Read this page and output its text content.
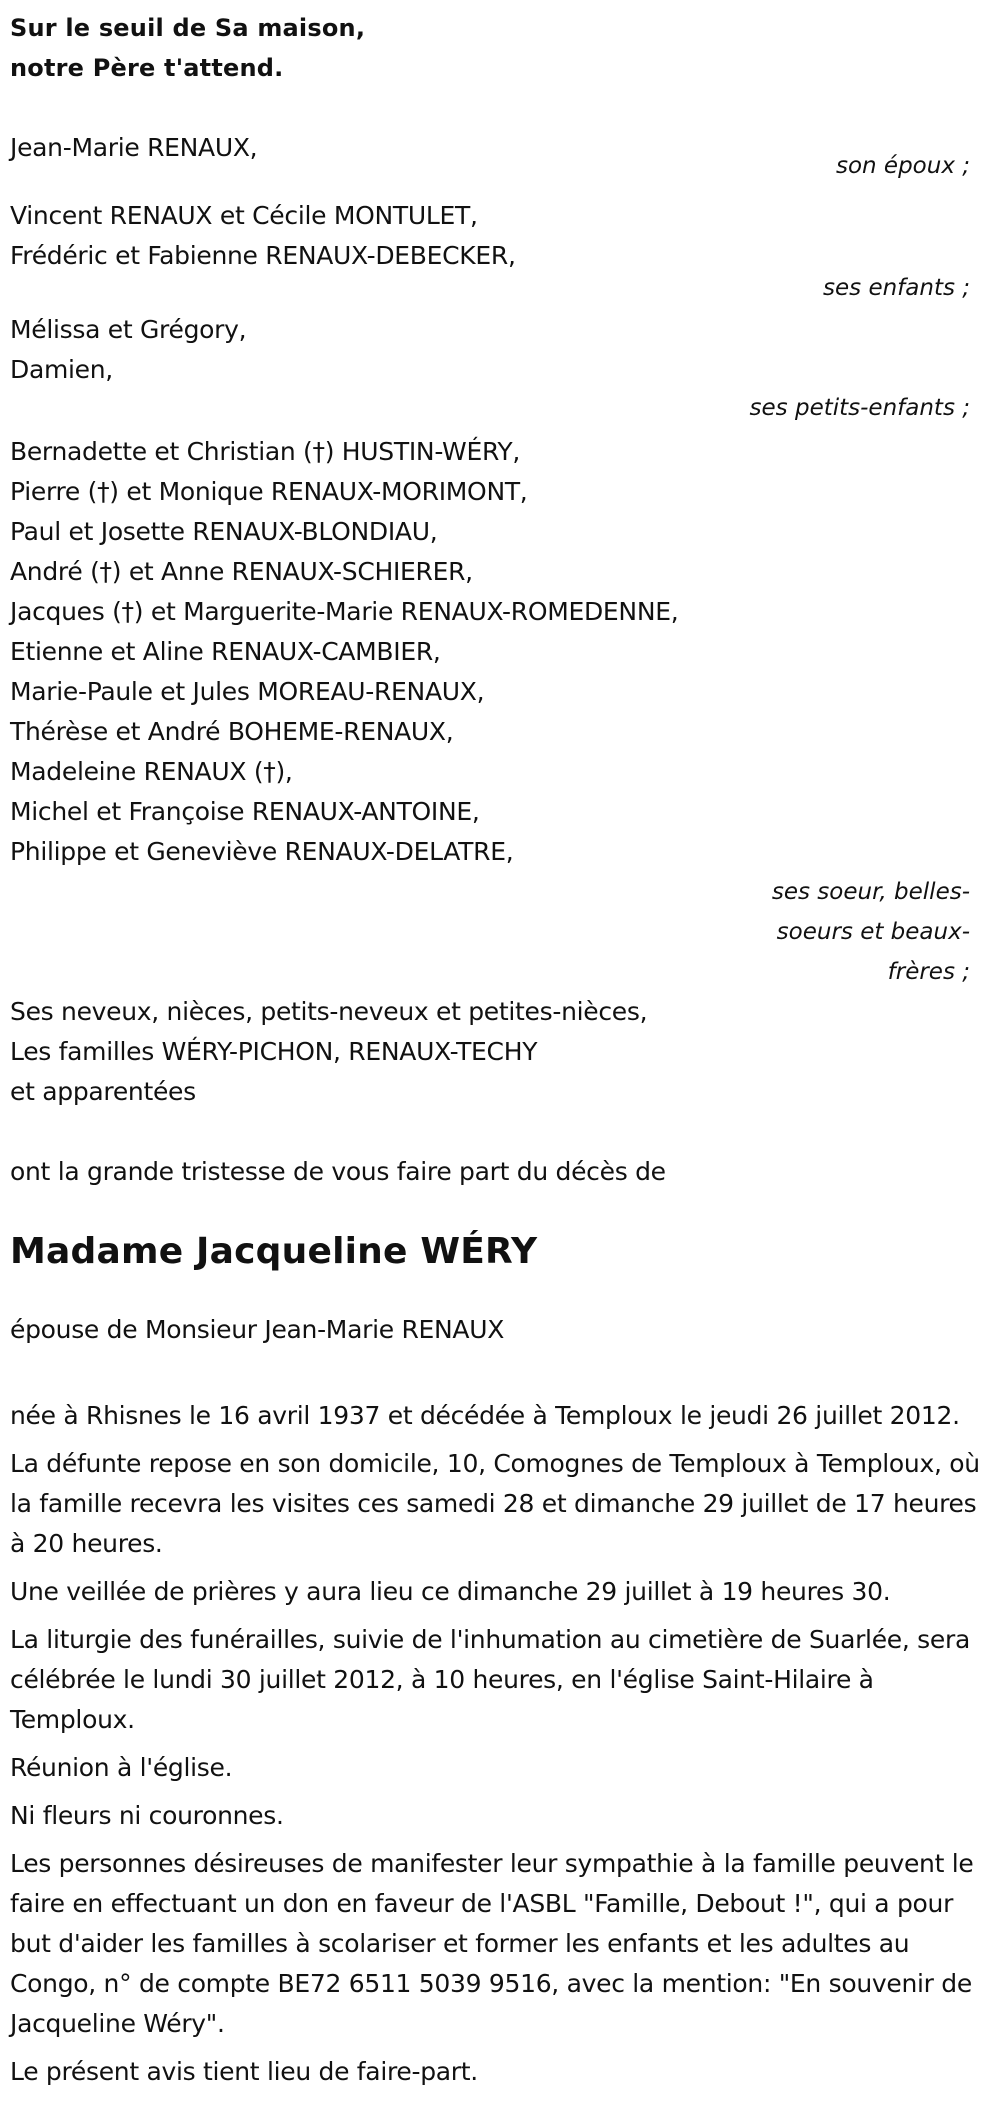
Sur le seuil de Sa maison,
notre Père t'attend.
Jean-Marie RENAUX,
son époux ;
Vincent RENAUX et Cécile MONTULET,
Frédéric et Fabienne RENAUX-DEBECKER,
ses enfants ;
Mélissa et Grégory,
Damien,
ses petits-enfants ;
Bernadette et Christian (†) HUSTIN-WÉRY,
Pierre (†) et Monique RENAUX-MORIMONT,
Paul et Josette RENAUX-BLONDIAU,
André (†) et Anne RENAUX-SCHIERER,
Jacques (†) et Marguerite-Marie RENAUX-ROMEDENNE,
Etienne et Aline RENAUX-CAMBIER,
Marie-Paule et Jules MOREAU-RENAUX,
Thérèse et André BOHEME-RENAUX,
Madeleine RENAUX (†),
Michel et Françoise RENAUX-ANTOINE,
Philippe et Geneviève RENAUX-DELATRE,
ses soeur, belles-
soeurs et beaux-
frères ;
Ses neveux, nièces, petits-neveux et petites-nièces,
Les familles WÉRY-PICHON, RENAUX-TECHY
et apparentées
ont la grande tristesse de vous faire part du décès de
Madame Jacqueline WÉRY
épouse de Monsieur Jean-Marie RENAUX

née à Rhisnes le 16 avril 1937 et décédée à Temploux le jeudi 26 juillet 2012.

La défunte repose en son domicile, 10, Comognes de Temploux à Temploux, où la famille recevra les visites ces samedi 28 et dimanche 29 juillet de 17 heures à 20 heures.

Une veillée de prières y aura lieu ce dimanche 29 juillet à 19 heures 30.

La liturgie des funérailles, suivie de l'inhumation au cimetière de Suarlée, sera célébrée le lundi 30 juillet 2012, à 10 heures, en l'église Saint-Hilaire à Temploux.

Réunion à l'église.

Ni fleurs ni couronnes.

Les personnes désireuses de manifester leur sympathie à la famille peuvent le faire en effectuant un don en faveur de l'ASBL "Famille, Debout !", qui a pour but d'aider les familles à scolariser et former les enfants et les adultes au Congo, n° de compte BE72 6511 5039 9516, avec la mention: "En souvenir de Jacqueline Wéry".

Le présent avis tient lieu de faire-part.
